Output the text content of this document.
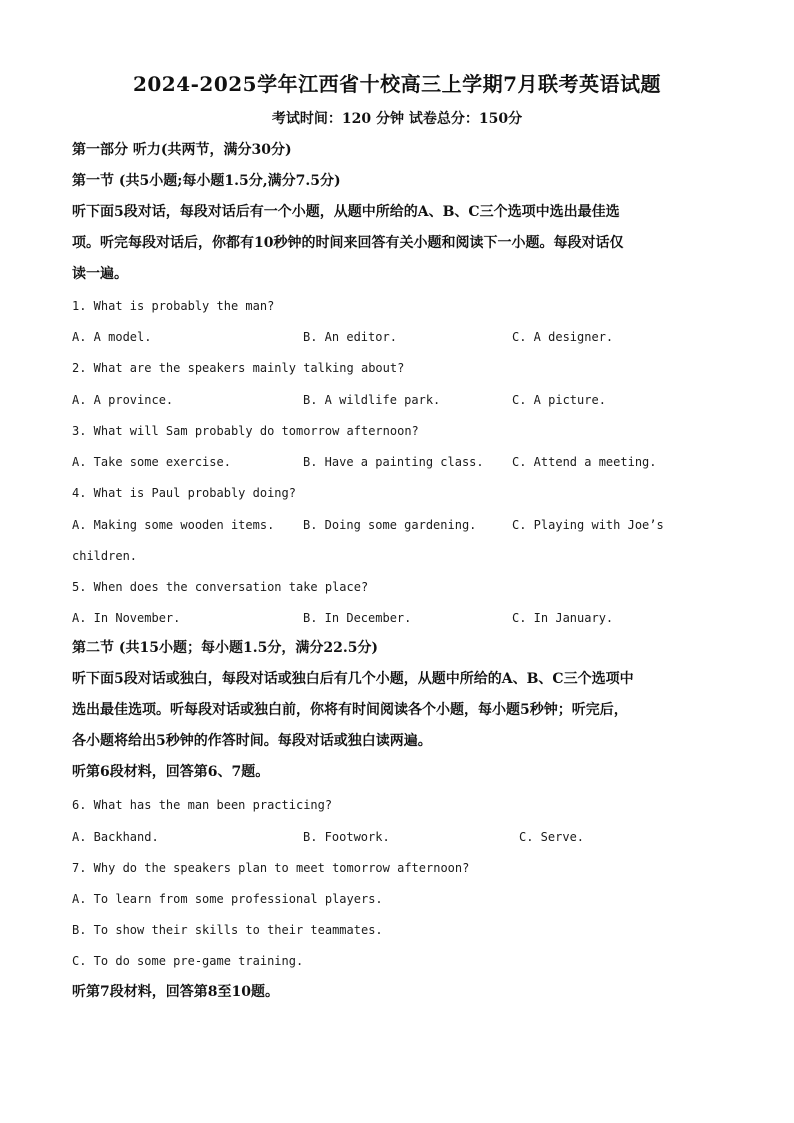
2024-2025学年江西省十校高三上学期7月联考英语试题
考试时间：120 分钟 试卷总分：150分
第一部分 听力(共两节，满分30分)
第一节 (共5小题;每小题1.5分,满分7.5分)
听下面5段对话，每段对话后有一个小题，从题中所给的A、B、C三个选项中选出最佳选
项。听完每段对话后，你都有10秒钟的时间来回答有关小题和阅读下一小题。每段对话仅
读一遍。
1. What is probably the man?
A. A model.	B. An editor.	C. A designer.
2. What are the speakers mainly talking about?
A. A province.	B. A wildlife park.	C. A picture.
3. What will Sam probably do tomorrow afternoon?
A. Take some exercise.	B. Have a painting class. C. Attend a meeting.
4. What is Paul probably doing?
A. Making some wooden items. B. Doing some gardening.	C. Playing with Joe’s
children.
5. When does the conversation take place?
A. In November.	B. In December.	C. In January.
第二节 (共15小题；每小题1.5分，满分22.5分)
听下面5段对话或独白，每段对话或独白后有几个小题，从题中所给的A、B、C三个选项中
选出最佳选项。听每段对话或独白前，你将有时间阅读各个小题，每小题5秒钟；听完后，
各小题将给出5秒钟的作答时间。每段对话或独白读两遍。
听第6段材料，回答第6、7题。
6. What has the man been practicing?
A. Backhand.	B. Footwork.	C. Serve.
7. Why do the speakers plan to meet tomorrow afternoon?
A. To learn from some professional players.
B. To show their skills to their teammates.
C. To do some pre-game training.
听第7段材料，回答第8至10题。
